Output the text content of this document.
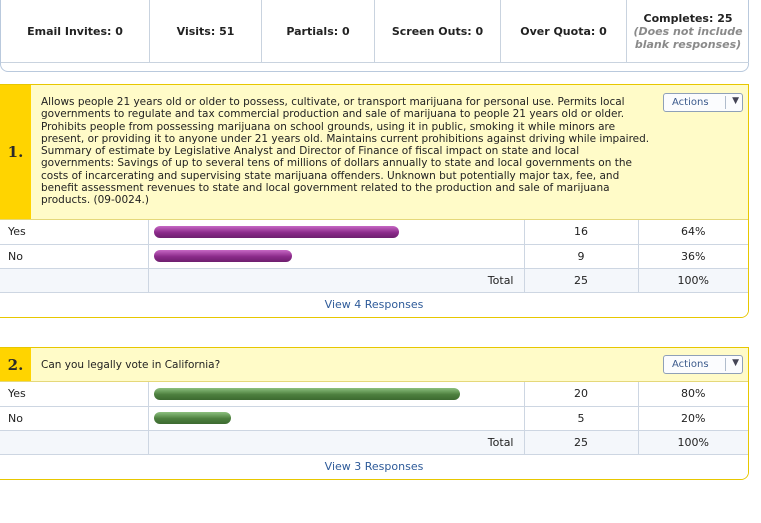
Email Invites: 0	Visits: 51	Partials: 0	Screen Outs: 0	Over Quota: 0	Completes: 25
(Does not include blank responses)
1.
Allows people 21 years old or older to possess, cultivate, or transport marijuana for personal use. Permits local governments to regulate and tax commercial production and sale of marijuana to people 21 years old or older. Prohibits people from possessing marijuana on school grounds, using it in public, smoking it while minors are present, or providing it to anyone under 21 years old. Maintains current prohibitions against driving while impaired. Summary of estimate by Legislative Analyst and Director of Finance of fiscal impact on state and local governments: Savings of up to several tens of millions of dollars annually to state and local governments on the costs of incarcerating and supervising state marijuana offenders. Unknown but potentially major tax, fee, and benefit assessment revenues to state and local government related to the production and sale of marijuana products. (09-0024.)
Actions	▼
Yes		16	64%
No		9	36%
	Total	25	100%
View 4 Responses
2.	Can you legally vote in California?	Actions	▼
Yes		20	80%
No		5	20%
	Total	25	100%
View 3 Responses
